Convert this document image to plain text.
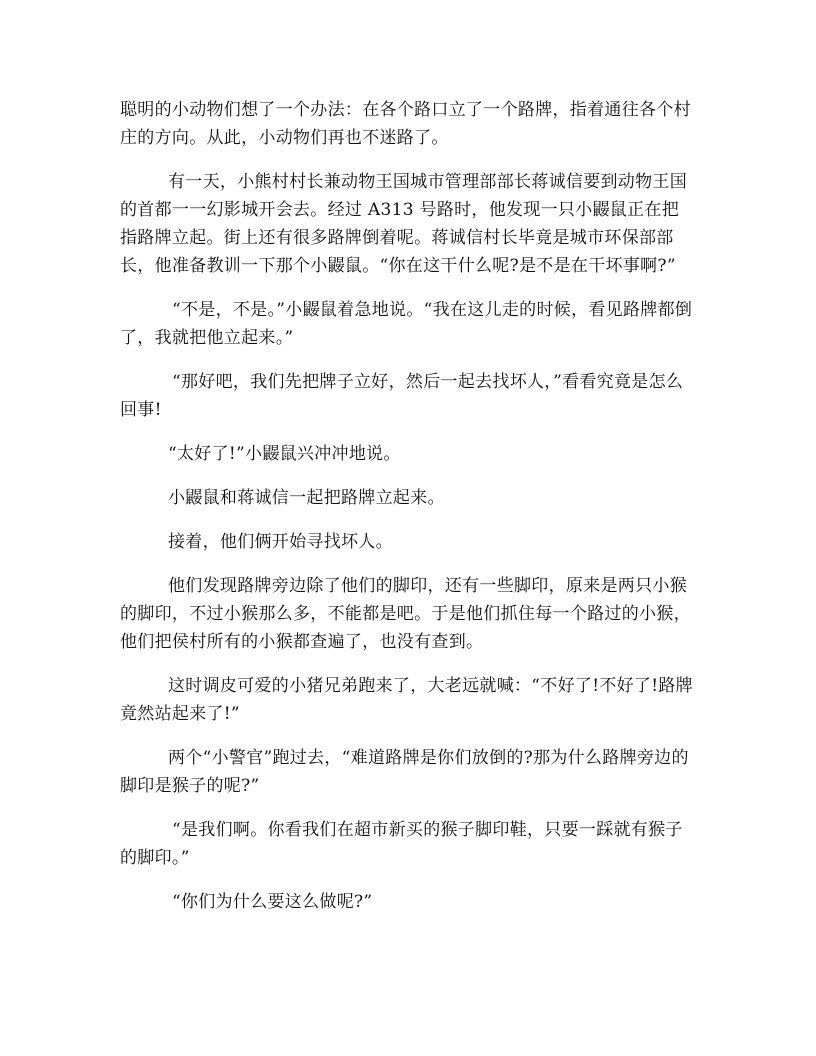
聪明的小动物们想了一个办法：在各个路口立了一个路牌，指着通往各个村庄的方向。从此，小动物们再也不迷路了。

有一天，小熊村村长兼动物王国城市管理部部长蒋诚信要到动物王国的首都一一幻影城开会去。经过 A313 号路时，他发现一只小鼹鼠正在把指路牌立起。街上还有很多路牌倒着呢。蒋诚信村长毕竟是城市环保部部长，他准备教训一下那个小鼹鼠。“你在这干什么呢?是不是在干坏事啊?”

“不是，不是。”小鼹鼠着急地说。“我在这儿走的时候，看见路牌都倒了，我就把他立起来。”

“那好吧，我们先把牌子立好，然后一起去找坏人，”看看究竟是怎么回事!

“太好了!”小鼹鼠兴冲冲地说。

小鼹鼠和蒋诚信一起把路牌立起来。

接着，他们俩开始寻找坏人。

他们发现路牌旁边除了他们的脚印，还有一些脚印，原来是两只小猴的脚印，不过小猴那么多，不能都是吧。于是他们抓住每一个路过的小猴，他们把侯村所有的小猴都查遍了，也没有查到。

这时调皮可爱的小猪兄弟跑来了，大老远就喊：“不好了!不好了!路牌竟然站起来了!”

两个“小警官”跑过去，“难道路牌是你们放倒的?那为什么路牌旁边的脚印是猴子的呢?”

“是我们啊。你看我们在超市新买的猴子脚印鞋，只要一踩就有猴子的脚印。”

“你们为什么要这么做呢?”
